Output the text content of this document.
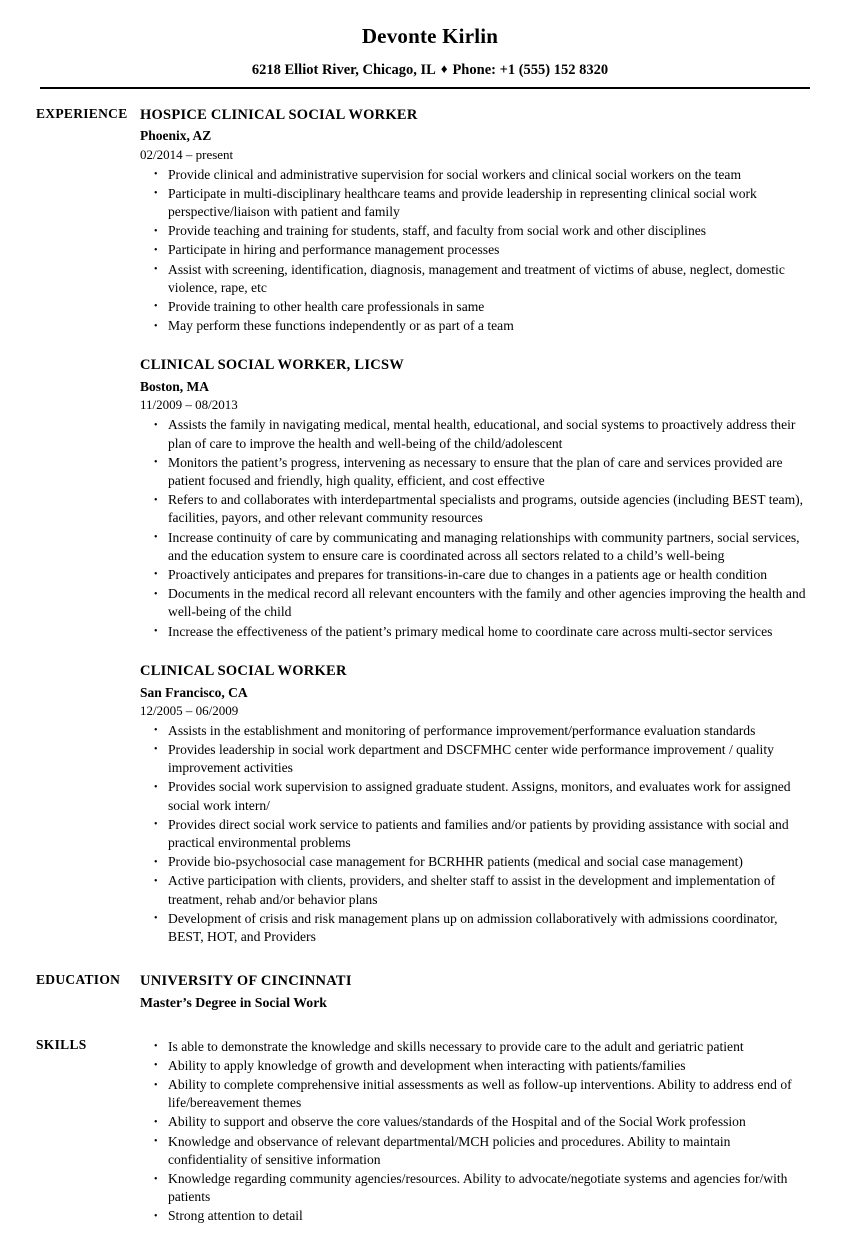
Devonte Kirlin
6218 Elliot River, Chicago, IL ♦ Phone: +1 (555) 152 8320
EXPERIENCE HOSPICE CLINICAL SOCIAL WORKER
Phoenix, AZ
02/2014 – present
• Provide clinical and administrative supervision for social workers and clinical social workers on the team
• Participate in multi-disciplinary healthcare teams and provide leadership in representing clinical social work perspective/liaison with patient and family
• Provide teaching and training for students, staff, and faculty from social work and other disciplines
• Participate in hiring and performance management processes
• Assist with screening, identification, diagnosis, management and treatment of victims of abuse, neglect, domestic violence, rape, etc
• Provide training to other health care professionals in same
• May perform these functions independently or as part of a team
CLINICAL SOCIAL WORKER, LICSW
Boston, MA
11/2009 – 08/2013
• Assists the family in navigating medical, mental health, educational, and social systems to proactively address their plan of care to improve the health and well-being of the child/adolescent
• Monitors the patient’s progress, intervening as necessary to ensure that the plan of care and services provided are patient focused and friendly, high quality, efficient, and cost effective
• Refers to and collaborates with interdepartmental specialists and programs, outside agencies (including BEST team), facilities, payors, and other relevant community resources
• Increase continuity of care by communicating and managing relationships with community partners, social services, and the education system to ensure care is coordinated across all sectors related to a child’s well-being
• Proactively anticipates and prepares for transitions-in-care due to changes in a patients age or health condition
• Documents in the medical record all relevant encounters with the family and other agencies improving the health and well-being of the child
• Increase the effectiveness of the patient’s primary medical home to coordinate care across multi-sector services
CLINICAL SOCIAL WORKER
San Francisco, CA
12/2005 – 06/2009
• Assists in the establishment and monitoring of performance improvement/performance evaluation standards
• Provides leadership in social work department and DSCFMHC center wide performance improvement / quality improvement activities
• Provides social work supervision to assigned graduate student. Assigns, monitors, and evaluates work for assigned social work intern/
• Provides direct social work service to patients and families and/or patients by providing assistance with social and practical environmental problems
• Provide bio-psychosocial case management for BCRHHR patients (medical and social case management)
• Active participation with clients, providers, and shelter staff to assist in the development and implementation of treatment, rehab and/or behavior plans
• Development of crisis and risk management plans up on admission collaboratively with admissions coordinator, BEST, HOT, and Providers
EDUCATION	UNIVERSITY OF CINCINNATI
Master’s Degree in Social Work
SKILLS	• Is able to demonstrate the knowledge and skills necessary to provide care to the adult and geriatric patient
• Ability to apply knowledge of growth and development when interacting with patients/families
• Ability to complete comprehensive initial assessments as well as follow-up interventions. Ability to address end of life/bereavement themes
• Ability to support and observe the core values/standards of the Hospital and of the Social Work profession
• Knowledge and observance of relevant departmental/MCH policies and procedures. Ability to maintain confidentiality of sensitive information
• Knowledge regarding community agencies/resources. Ability to advocate/negotiate systems and agencies for/with patients
• Strong attention to detail
